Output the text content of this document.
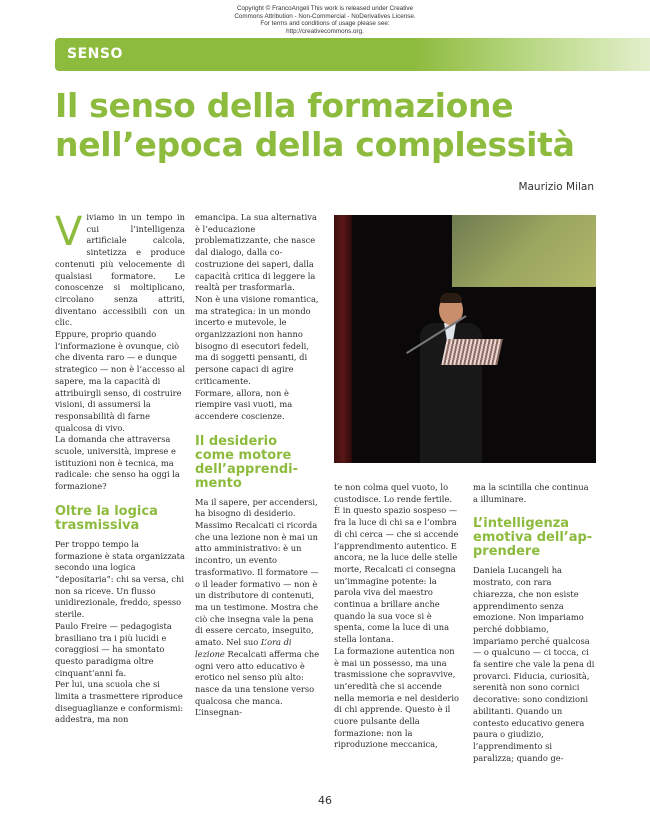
Copyright © FrancoAngeli This work is released under Creative
Commons Attribution - Non-Commercial - NoDerivatives License.
For terms and conditions of usage please see:
http://creativecommons.org.
SENSO
Il senso della formazione
nell’epoca della complessità
Maurizio Milan

Viviamo in un tempo in cui l’intelligenza artificiale calcola, sintetizza e produce contenuti più velocemente di qualsiasi formatore. Le conoscenze si moltiplicano, circolano senza attriti, diventano accessibili con un clic.

Eppure, proprio quando l’informazione è ovunque, ciò che diventa raro — e dunque strategico — non è l’accesso al sapere, ma la capacità di attribuirgli senso, di costruire visioni, di assumersi la responsabilità di farne qualcosa di vivo.

La domanda che attraversa scuole, università, imprese e istituzioni non è tecnica, ma radicale: che senso ha oggi la formazione?

Oltre la logica
trasmissiva

Per troppo tempo la formazione è stata organizzata secondo una logica “depositaria”: chi sa versa, chi non sa riceve. Un flusso unidirezionale, freddo, spesso sterile.

Paulo Freire — pedagogista brasiliano tra i più lucidi e coraggiosi — ha smontato questo paradigma oltre cinquant’anni fa.

Per lui, una scuola che si limita a trasmettere riproduce diseguaglianze e conformismi: addestra, ma non

emancipa. La sua alternativa è l’educazione problematizzante, che nasce dal dialogo, dalla co-costruzione dei saperi, dalla capacità critica di leggere la realtà per trasformarla.

Non è una visione romantica, ma strategica: in un mondo incerto e mutevole, le organizzazioni non hanno bisogno di esecutori fedeli, ma di soggetti pensanti, di persone capaci di agire criticamente.

Formare, allora, non è riempire vasi vuoti, ma accendere coscienze.

Il desiderio
come motore
dell’apprendi-
mento

Ma il sapere, per accendersi, ha bisogno di desiderio.

Massimo Recalcati ci ricorda che una lezione non è mai un atto amministrativo: è un incontro, un evento trasformativo. Il formatore — o il leader formativo — non è un distributore di contenuti, ma un testimone. Mostra che ciò che insegna vale la pena di essere cercato, inseguito, amato. Nel suo L’ora di lezione Recalcati afferma che ogni vero atto educativo è erotico nel senso più alto: nasce da una tensione verso qualcosa che manca. L’insegnan-

te non colma quel vuoto, lo custodisce. Lo rende fertile.

È in questo spazio sospeso — fra la luce di chi sa e l’ombra di chi cerca — che si accende l’apprendimento autentico. E ancora, ne la luce delle stelle morte, Recalcati ci consegna un’immagine potente: la parola viva del maestro continua a brillare anche quando la sua voce si è spenta, come la luce di una stella lontana.

La formazione autentica non è mai un possesso, ma una trasmissione che sopravvive, un’eredità che si accende nella memoria e nel desiderio di chi apprende. Questo è il cuore pulsante della formazione: non la riproduzione meccanica,

ma la scintilla che continua a illuminare.

L’intelligenza
emotiva dell’ap-
prendere

Daniela Lucangeli ha mostrato, con rara chiarezza, che non esiste apprendimento senza emozione. Non impariamo perché dobbiamo, impariamo perché qualcosa — o qualcuno — ci tocca, ci fa sentire che vale la pena di provarci. Fiducia, curiosità, serenità non sono cornici decorative: sono condizioni abilitanti. Quando un contesto educativo genera paura o giudizio, l’apprendimento si paralizza; quando ge-

46
